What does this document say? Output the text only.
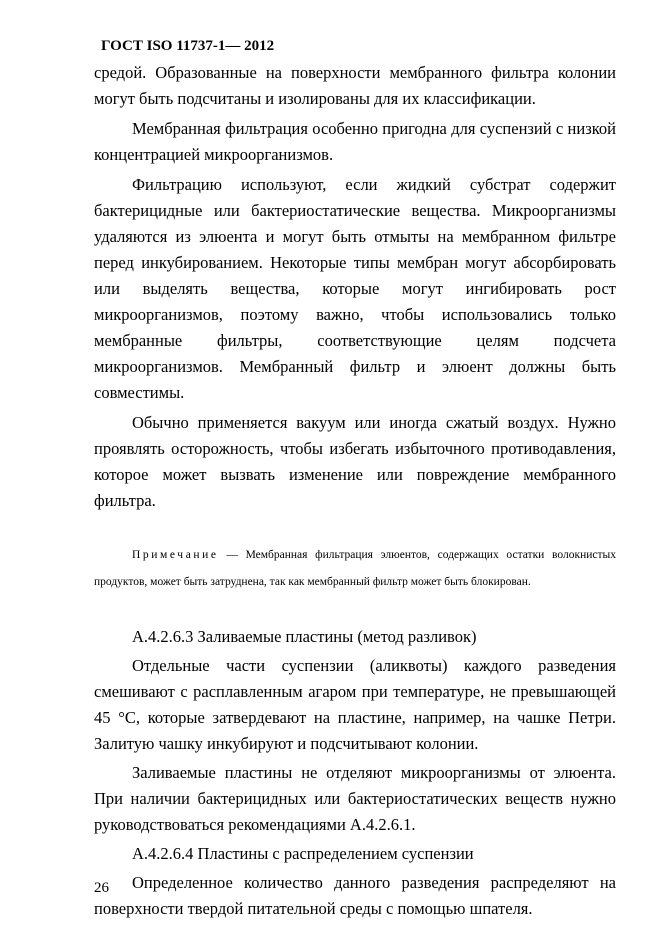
ГОСТ ISO 11737-1— 2012

средой. Образованные на поверхности мембранного фильтра колонии могут быть подсчитаны и изолированы для их классификации.

Мембранная фильтрация особенно пригодна для суспензий с низкой концентрацией микроорганизмов.

Фильтрацию используют, если жидкий субстрат содержит бактерицидные или бактериостатические вещества. Микроорганизмы удаляются из элюента и могут быть отмыты на мембранном фильтре перед инкубированием. Некоторые типы мембран могут абсорбировать или выделять вещества, которые могут ингибировать рост микроорганизмов, поэтому важно, чтобы использовались только мембранные фильтры, соответствующие целям подсчета микроорганизмов. Мембранный фильтр и элюент должны быть совместимы.

Обычно применяется вакуум или иногда сжатый воздух. Нужно проявлять осторожность, чтобы избегать избыточного противодавления, которое может вызвать изменение или повреждение мембранного фильтра.

Примечание — Мембранная фильтрация элюентов, содержащих остатки волокнистых продуктов, может быть затруднена, так как мембранный фильтр может быть блокирован.

А.4.2.6.3 Заливаемые пластины (метод разливок)

Отдельные части суспензии (аликвоты) каждого разведения смешивают с расплавленным агаром при температуре, не превышающей 45 °С, которые затвердевают на пластине, например, на чашке Петри. Залитую чашку инкубируют и подсчитывают колонии.

Заливаемые пластины не отделяют микроорганизмы от элюента. При наличии бактерицидных или бактериостатических веществ нужно руководствоваться рекомендациями А.4.2.6.1.

А.4.2.6.4 Пластины с распределением суспензии

Определенное количество данного разведения распределяют на поверхности твердой питательной среды с помощью шпателя.

26
